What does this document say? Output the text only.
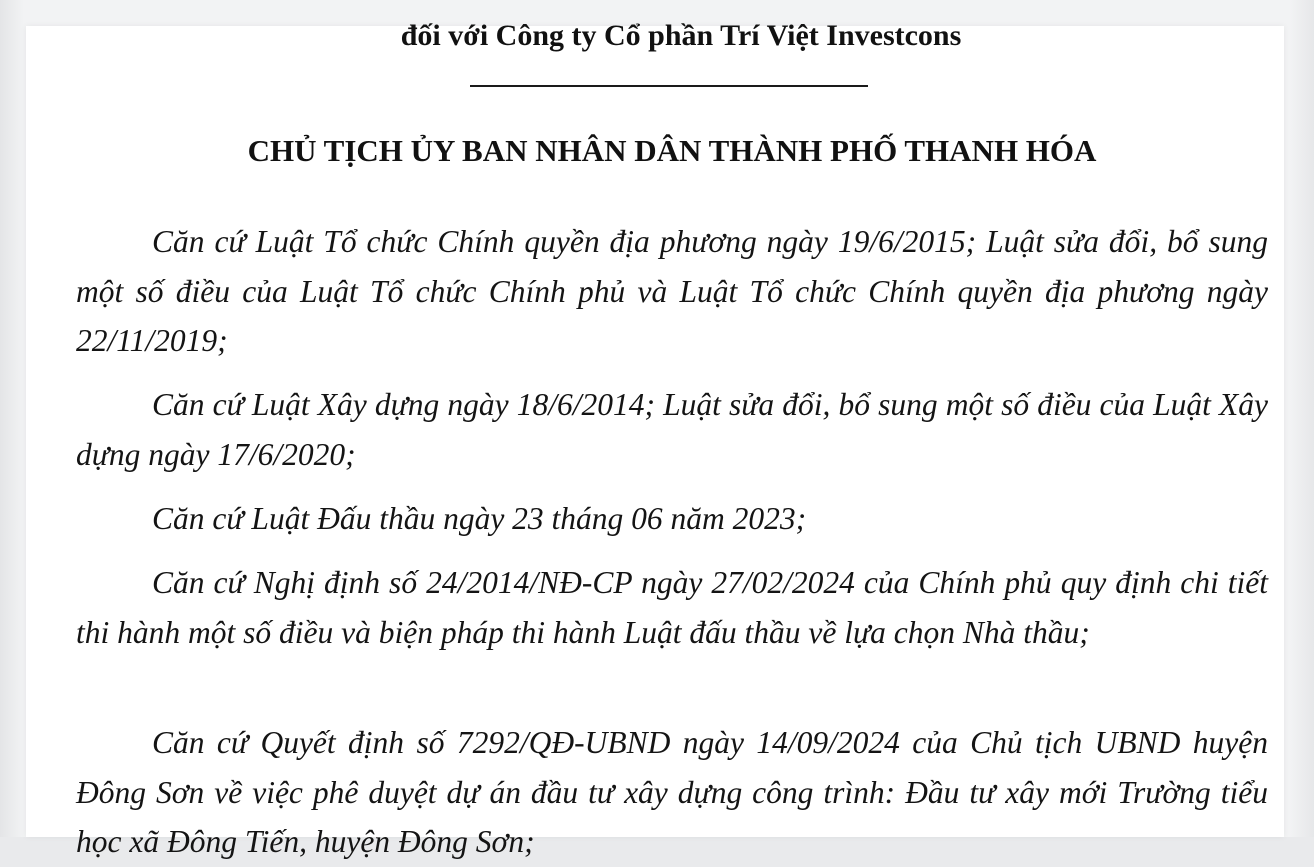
đối với Công ty Cổ phần Trí Việt Investcons
CHỦ TỊCH ỦY BAN NHÂN DÂN THÀNH PHỐ THANH HÓA

Căn cứ Luật Tổ chức Chính quyền địa phương ngày 19/6/2015; Luật sửa đổi, bổ sung một số điều của Luật Tổ chức Chính phủ và Luật Tổ chức Chính quyền địa phương ngày 22/11/2019;

Căn cứ Luật Xây dựng ngày 18/6/2014; Luật sửa đổi, bổ sung một số điều của Luật Xây dựng ngày 17/6/2020;

Căn cứ Luật Đấu thầu ngày 23 tháng 06 năm 2023;

Căn cứ Nghị định số 24/2014/NĐ-CP ngày 27/02/2024 của Chính phủ quy định chi tiết thi hành một số điều và biện pháp thi hành Luật đấu thầu về lựa chọn Nhà thầu;

Căn cứ Quyết định số 7292/QĐ-UBND ngày 14/09/2024 của Chủ tịch UBND huyện Đông Sơn về việc phê duyệt dự án đầu tư xây dựng công trình: Đầu tư xây mới Trường tiểu học xã Đông Tiến, huyện Đông Sơn;
